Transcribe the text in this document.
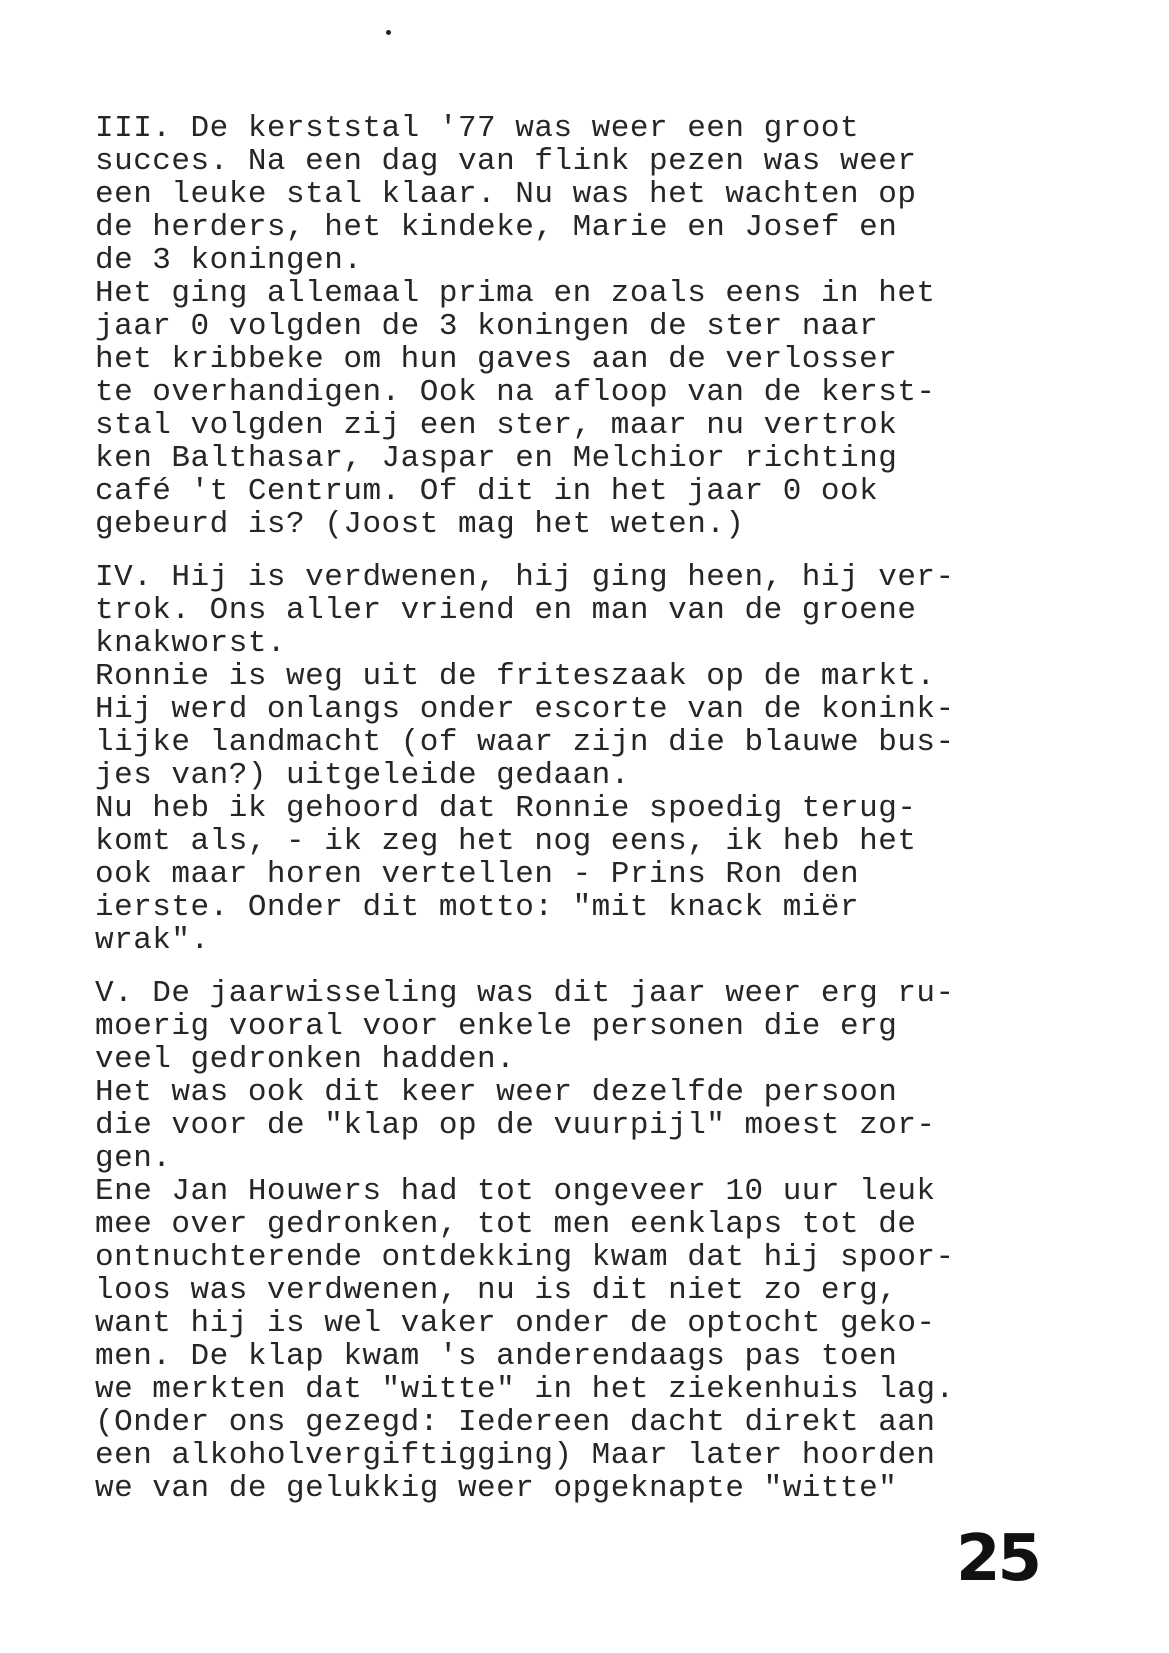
III. De kerststal '77 was weer een groot
succes. Na een dag van flink pezen was weer
een leuke stal klaar. Nu was het wachten op
de herders, het kindeke, Marie en Josef en
de 3 koningen.
Het ging allemaal prima en zoals eens in het
jaar 0 volgden de 3 koningen de ster naar
het kribbeke om hun gaves aan de verlosser
te overhandigen. Ook na afloop van de kerst-
stal volgden zij een ster, maar nu vertrok
ken Balthasar, Jaspar en Melchior richting
café 't Centrum. Of dit in het jaar 0 ook
gebeurd is? (Joost mag het weten.)
IV. Hij is verdwenen, hij ging heen, hij ver-
trok. Ons aller vriend en man van de groene
knakworst.
Ronnie is weg uit de friteszaak op de markt.
Hij werd onlangs onder escorte van de konink-
lijke landmacht (of waar zijn die blauwe bus-
jes van?) uitgeleide gedaan.
Nu heb ik gehoord dat Ronnie spoedig terug-
komt als, - ik zeg het nog eens, ik heb het
ook maar horen vertellen - Prins Ron den
ierste. Onder dit motto: "mit knack miër
wrak".
V. De jaarwisseling was dit jaar weer erg ru-
moerig vooral voor enkele personen die erg
veel gedronken hadden.
Het was ook dit keer weer dezelfde persoon
die voor de "klap op de vuurpijl" moest zor-
gen.
Ene Jan Houwers had tot ongeveer 10 uur leuk
mee over gedronken, tot men eenklaps tot de
ontnuchterende ontdekking kwam dat hij spoor-
loos was verdwenen, nu is dit niet zo erg,
want hij is wel vaker onder de optocht geko-
men. De klap kwam 's anderendaags pas toen
we merkten dat "witte" in het ziekenhuis lag.
(Onder ons gezegd: Iedereen dacht direkt aan
een alkoholvergiftigging) Maar later hoorden
we van de gelukkig weer opgeknapte "witte"
25
